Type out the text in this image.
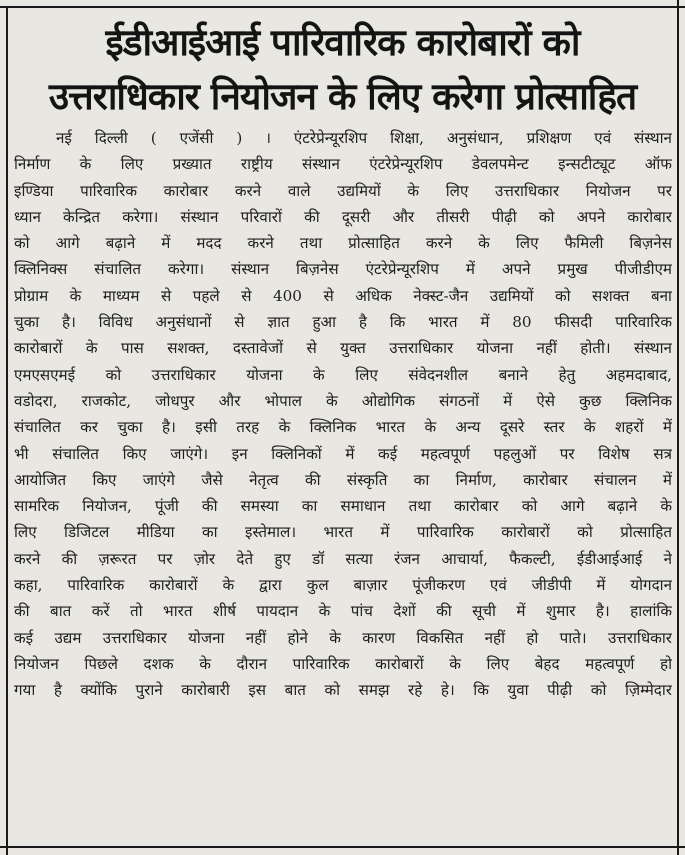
ईडीआईआई पारिवारिक कारोबारों को
उत्तराधिकार नियोजन के लिए करेगा प्रोत्साहित
नई दिल्ली ( एजेंसी ) । एंटरेप्रेन्यूरशिप शिक्षा, अनुसंधान, प्रशिक्षण एवं संस्थान
निर्माण के लिए प्रख्यात राष्ट्रीय संस्थान एंटरेप्रेन्यूरशिप डेवलपमेन्ट इन्सटीट्यूट ऑफ
इण्डिया पारिवारिक कारोबार करने वाले उद्यमियों के लिए उत्तराधिकार नियोजन पर
ध्यान केन्द्रित करेगा। संस्थान परिवारों की दूसरी और तीसरी पीढ़ी को अपने कारोबार
को आगे बढ़ाने में मदद करने तथा प्रोत्साहित करने के लिए फैमिली बिज़नेस
क्लिनिक्स संचालित करेगा। संस्थान बिज़नेस एंटरेप्रेन्यूरशिप में अपने प्रमुख पीजीडीएम
प्रोग्राम के माध्यम से पहले से 400 से अधिक नेक्स्ट-जैन उद्यमियों को सशक्त बना
चुका है। विविध अनुसंधानों से ज्ञात हुआ है कि भारत में 80 फीसदी पारिवारिक
कारोबारों के पास सशक्त, दस्तावेजों से युक्त उत्तराधिकार योजना नहीं होती। संस्थान
एमएसएमई को उत्तराधिकार योजना के लिए संवेदनशील बनाने हेतु अहमदाबाद,
वडोदरा, राजकोट, जोधपुर और भोपाल के ओद्योगिक संगठनों में ऐसे कुछ क्लिनिक
संचालित कर चुका है। इसी तरह के क्लिनिक भारत के अन्य दूसरे स्तर के शहरों में
भी संचालित किए जाएंगे। इन क्लिनिकों में कई महत्वपूर्ण पहलुओं पर विशेष सत्र
आयोजित किए जाएंगे जैसे नेतृत्व की संस्कृति का निर्माण, कारोबार संचालन में
सामरिक नियोजन, पूंजी की समस्या का समाधान तथा कारोबार को आगे बढ़ाने के
लिए डिजिटल मीडिया का इस्तेमाल। भारत में पारिवारिक कारोबारों को प्रोत्साहित
करने की ज़रूरत पर ज़ोर देते हुए डॉ सत्या रंजन आचार्या, फैकल्टी, ईडीआईआई ने
कहा, पारिवारिक कारोबारों के द्वारा कुल बाज़ार पूंजीकरण एवं जीडीपी में योगदान
की बात करें तो भारत शीर्ष पायदान के पांच देशों की सूची में शुमार है। हालांकि
कई उद्यम उत्तराधिकार योजना नहीं होने के कारण विकसित नहीं हो पाते। उत्तराधिकार
नियोजन पिछले दशक के दौरान पारिवारिक कारोबारों के लिए बेहद महत्वपूर्ण हो
गया है क्योंकि पुराने कारोबारी इस बात को समझ रहे हे। कि युवा पीढ़ी को ज़िम्मेदार
